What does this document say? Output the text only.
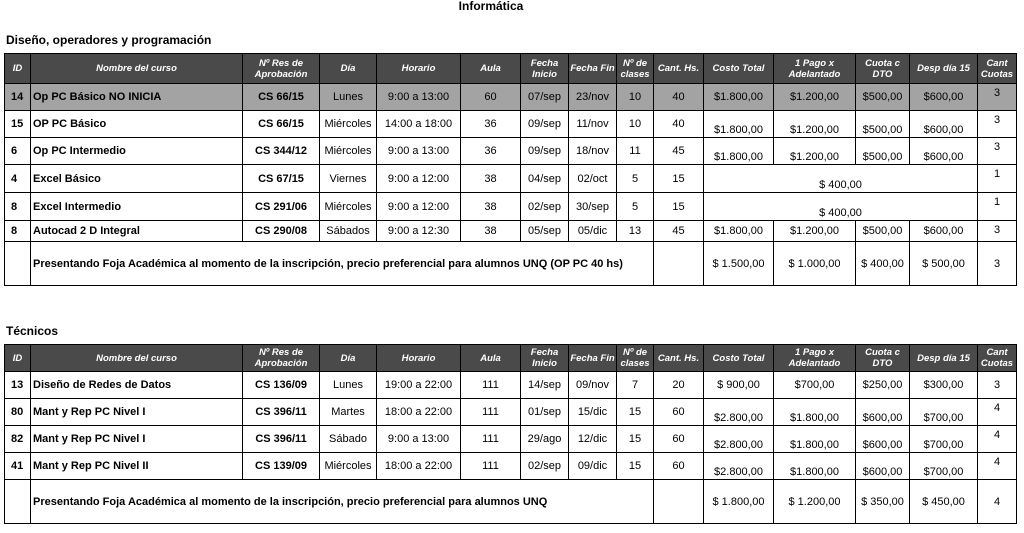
Informática
Diseño, operadores y programación
ID	Nombre del curso	Nº Res de Aprobación	Día	Horario	Aula	Fecha Inicio	Fecha Fin	Nº de clases	Cant. Hs.	Costo Total	1 Pago x Adelantado	Cuota c DTO	Desp día 15	Cant Cuotas
14	Op PC Básico NO INICIA	CS 66/15	Lunes	9:00 a 13:00	60	07/sep	23/nov	10	40	$1.800,00	$1.200,00	$500,00	$600,00	3
15	OP PC Básico	CS 66/15	Miércoles	14:00 a 18:00	36	09/sep	11/nov	10	40	$1.800,00	$1.200,00	$500,00	$600,00	3
6	Op PC Intermedio	CS 344/12	Miércoles	9:00 a 13:00	36	09/sep	18/nov	11	45	$1.800,00	$1.200,00	$500,00	$600,00	3
4	Excel Básico	CS 67/15	Viernes	9:00 a 12:00	38	04/sep	02/oct	5	15	$ 400,00				1
8	Excel Intermedio	CS 291/06	Miércoles	9:00 a 12:00	38	02/sep	30/sep	5	15	$ 400,00				1
8	Autocad 2 D Integral	CS 290/08	Sábados	9:00 a 12:30	38	05/sep	05/dic	13	45	$1.800,00	$1.200,00	$500,00	$600,00	3
	Presentando Foja Académica al momento de la inscripción, precio preferencial para alumnos UNQ (OP PC 40 hs)									$ 1.500,00	$ 1.000,00	$ 400,00	$ 500,00	3
Técnicos
ID	Nombre del curso	Nº Res de Aprobación	Día	Horario	Aula	Fecha Inicio	Fecha Fin	Nº de clases	Cant. Hs.	Costo Total	1 Pago x Adelantado	Cuota c DTO	Desp día 15	Cant Cuotas
13	Diseño de Redes de Datos	CS 136/09	Lunes	19:00 a 22:00	111	14/sep	09/nov	7	20	$ 900,00	$700,00	$250,00	$300,00	3
80	Mant y Rep PC Nivel I	CS 396/11	Martes	18:00 a 22:00	111	01/sep	15/dic	15	60	$2.800,00	$1.800,00	$600,00	$700,00	4
82	Mant y Rep PC Nivel I	CS 396/11	Sábado	9:00 a 13:00	111	29/ago	12/dic	15	60	$2.800,00	$1.800,00	$600,00	$700,00	4
41	Mant y Rep PC Nivel II	CS 139/09	Miércoles	18:00 a 22:00	111	02/sep	09/dic	15	60	$2.800,00	$1.800,00	$600,00	$700,00	4
	Presentando Foja Académica al momento de la inscripción, precio preferencial para alumnos UNQ									$ 1.800,00	$ 1.200,00	$ 350,00	$ 450,00	4
